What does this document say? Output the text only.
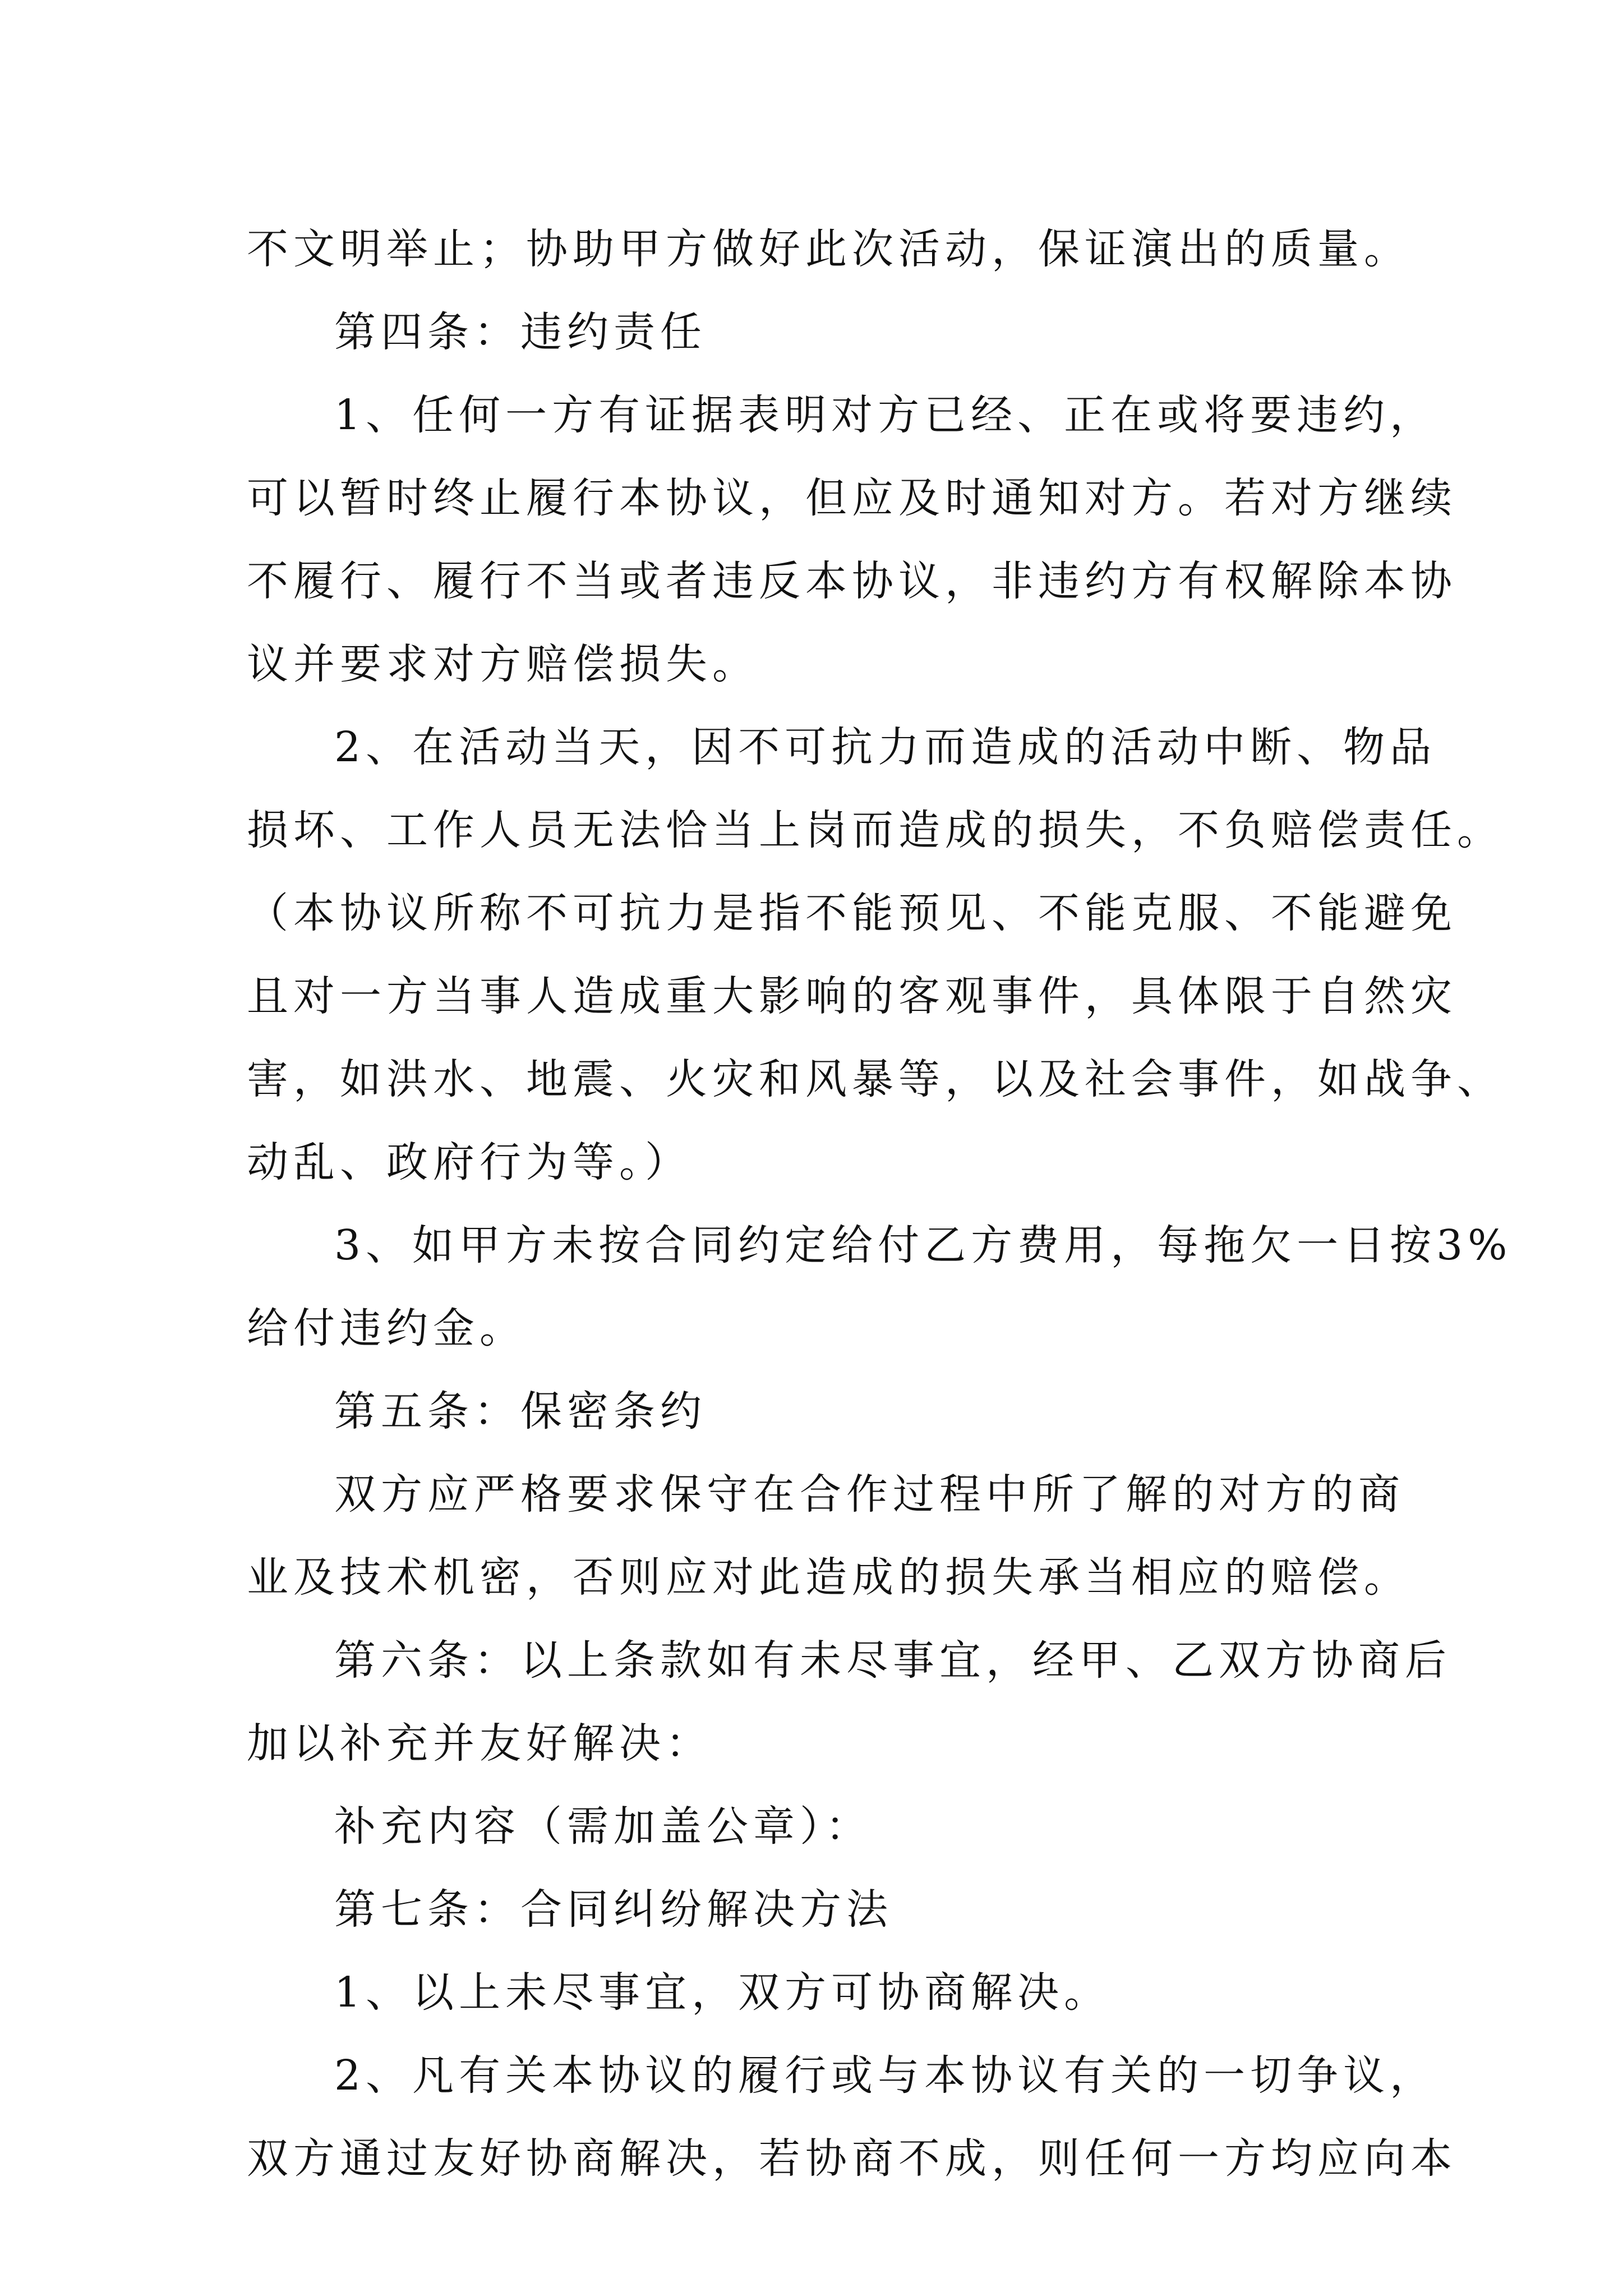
不文明举止；协助甲方做好此次活动，保证演出的质量。

第四条：违约责任

1、任何一方有证据表明对方已经、正在或将要违约，

可以暂时终止履行本协议，但应及时通知对方。若对方继续

不履行、履行不当或者违反本协议，非违约方有权解除本协

议并要求对方赔偿损失。

2、在活动当天，因不可抗力而造成的活动中断、物品

损坏、工作人员无法恰当上岗而造成的损失，不负赔偿责任。

（本协议所称不可抗力是指不能预见、不能克服、不能避免

且对一方当事人造成重大影响的客观事件，具体限于自然灾

害，如洪水、地震、火灾和风暴等，以及社会事件，如战争、

动乱、政府行为等。）

3、如甲方未按合同约定给付乙方费用，每拖欠一日按3%

给付违约金。

第五条：保密条约

双方应严格要求保守在合作过程中所了解的对方的商

业及技术机密，否则应对此造成的损失承当相应的赔偿。

第六条：以上条款如有未尽事宜，经甲、乙双方协商后

加以补充并友好解决：

补充内容（需加盖公章）：

第七条：合同纠纷解决方法

1、以上未尽事宜，双方可协商解决。

2、凡有关本协议的履行或与本协议有关的一切争议，

双方通过友好协商解决，若协商不成，则任何一方均应向本
